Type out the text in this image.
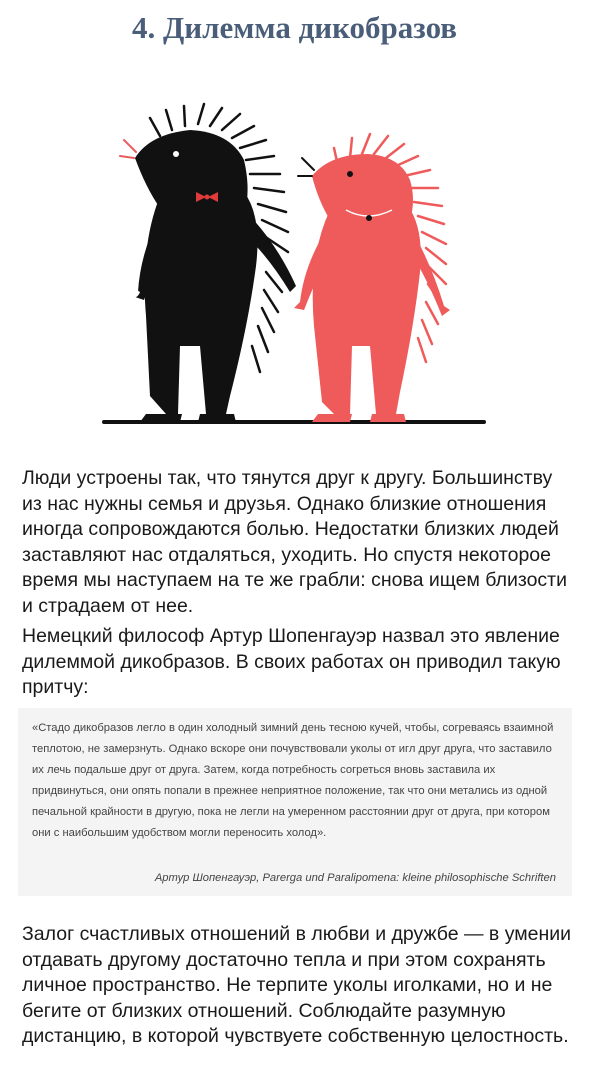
4. Дилемма дикобразов

Люди устроены так, что тянутся друг к другу. Большинству из нас нужны семья и друзья. Однако близкие отношения иногда сопровождаются болью. Недостатки близких людей заставляют нас отдаляться, уходить. Но спустя некоторое время мы наступаем на те же грабли: снова ищем близости и страдаем от нее.

Немецкий философ Артур Шопенгауэр назвал это явление дилеммой дикобразов. В своих работах он приводил такую притчу:

«Стадо дикобразов легло в один холодный зимний день тесною кучей, чтобы, согреваясь взаимной теплотою, не замерзнуть. Однако вскоре они почувствовали уколы от игл друг друга, что заставило их лечь подальше друг от друга. Затем, когда потребность согреться вновь заставила их придвинуться, они опять попали в прежнее неприятное положение, так что они метались из одной печальной крайности в другую, пока не легли на умеренном расстоянии друг от друга, при котором они с наибольшим удобством могли переносить холод».

Артур Шопенгауэр, Parerga und Paralipomena: kleine philosophische Schriften

Залог счастливых отношений в любви и дружбе — в умении отдавать другому достаточно тепла и при этом сохранять личное пространство. Не терпите уколы иголками, но и не бегите от близких отношений. Соблюдайте разумную дистанцию, в которой чувствуете собственную целостность.
